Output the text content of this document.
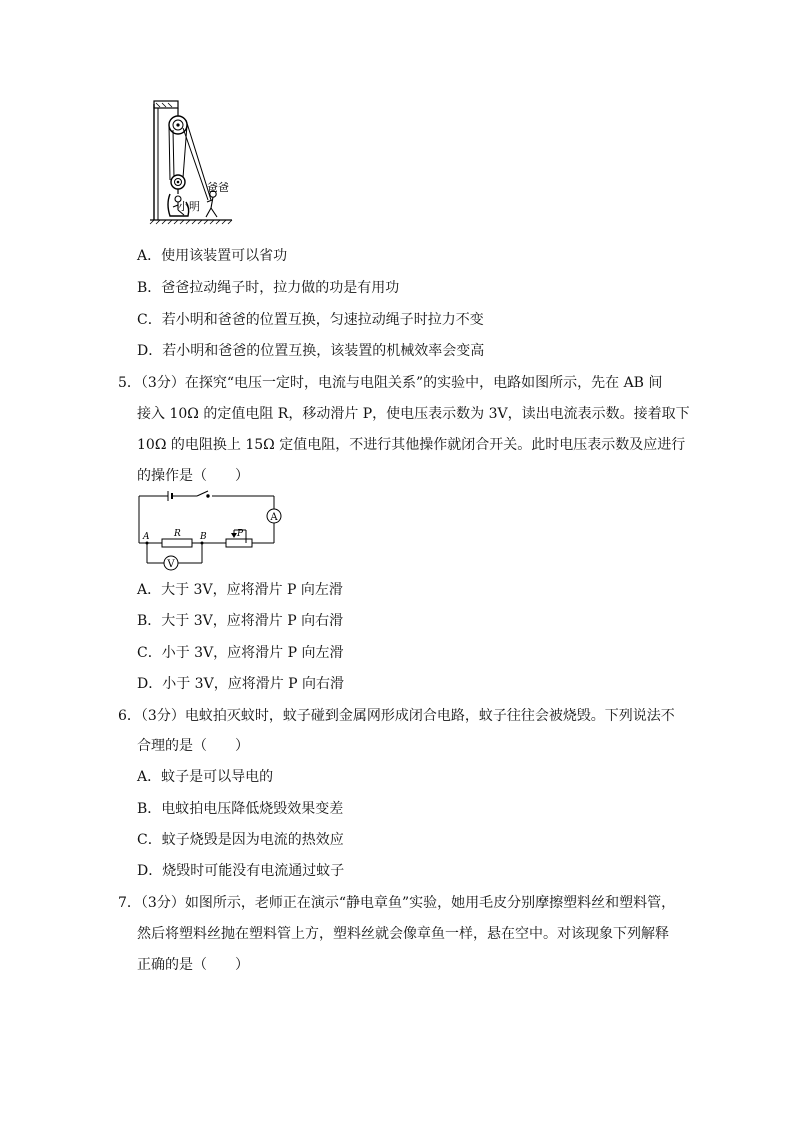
爸爸
小明
A．使用该装置可以省功
B．爸爸拉动绳子时，拉力做的功是有用功
C．若小明和爸爸的位置互换，匀速拉动绳子时拉力不变
D．若小明和爸爸的位置互换，该装置的机械效率会变高
5．（3分）在探究“电压一定时，电流与电阻关系”的实验中，电路如图所示，先在 AB 间
接入 10Ω 的定值电阻 R，移动滑片 P，使电压表示数为 3V，读出电流表示数。接着取下
10Ω 的电阻换上 15Ω 定值电阻，不进行其他操作就闭合开关。此时电压表示数及应进行
的操作是（　　）
A
V
A	R B	P
A．大于 3V，应将滑片 P 向左滑
B．大于 3V，应将滑片 P 向右滑
C．小于 3V，应将滑片 P 向左滑
D．小于 3V，应将滑片 P 向右滑
6．（3分）电蚊拍灭蚊时，蚊子碰到金属网形成闭合电路，蚊子往往会被烧毁。下列说法不
合理的是（　　）
A．蚊子是可以导电的
B．电蚊拍电压降低烧毁效果变差
C．蚊子烧毁是因为电流的热效应
D．烧毁时可能没有电流通过蚊子
7．（3分）如图所示，老师正在演示“静电章鱼”实验，她用毛皮分别摩擦塑料丝和塑料管，
然后将塑料丝抛在塑料管上方，塑料丝就会像章鱼一样，悬在空中。对该现象下列解释
正确的是（　　）
